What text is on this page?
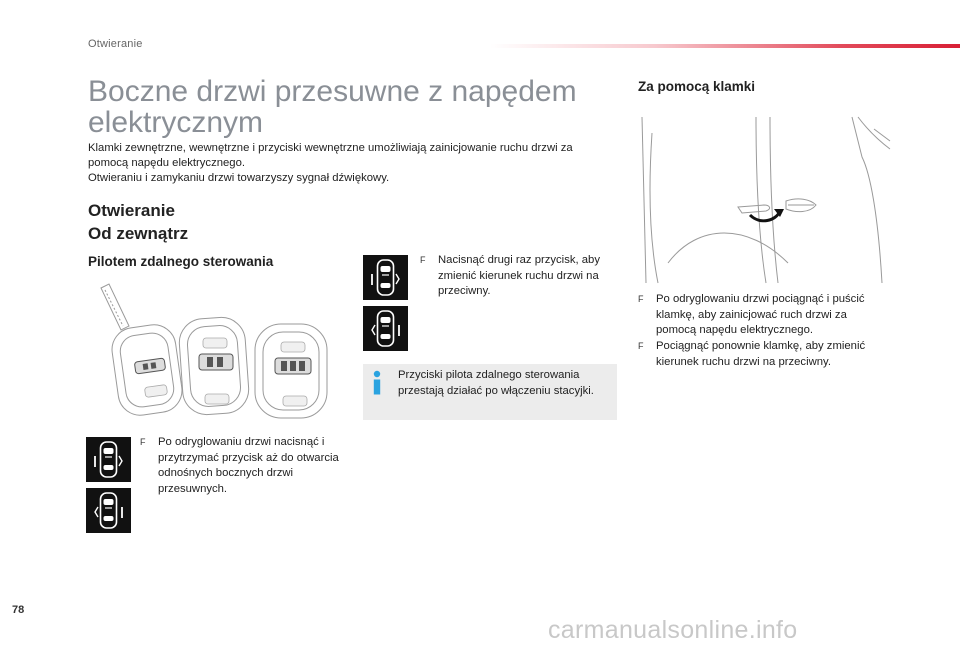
Otwieranie
Boczne drzwi przesuwne z napędem
elektrycznym

Klamki zewnętrzne, wewnętrzne i przyciski wewnętrzne umożliwiają zainicjowanie ruchu drzwi za

pomocą napędu elektrycznego.

Otwieraniu i zamykaniu drzwi towarzyszy sygnał dźwiękowy.

Otwieranie
Od zewnątrz
Pilotem zdalnego sterowania
F	Po odryglowaniu drzwi nacisnąć i przytrzymać przycisk aż do otwarcia odnośnych bocznych drzwi przesuwnych.
F	Nacisnąć drugi raz przycisk, aby zmienić kierunek ruchu drzwi na przeciwny.
Przyciski pilota zdalnego sterowania przestają działać po włączeniu stacyjki.
Za pomocą klamki
F	Po odryglowaniu drzwi pociągnąć i puścić klamkę, aby zainicjować ruch drzwi za pomocą napędu elektrycznego.
F	Pociągnąć ponownie klamkę, aby zmienić kierunek ruchu drzwi na przeciwny.
78
carmanualsonline.info
